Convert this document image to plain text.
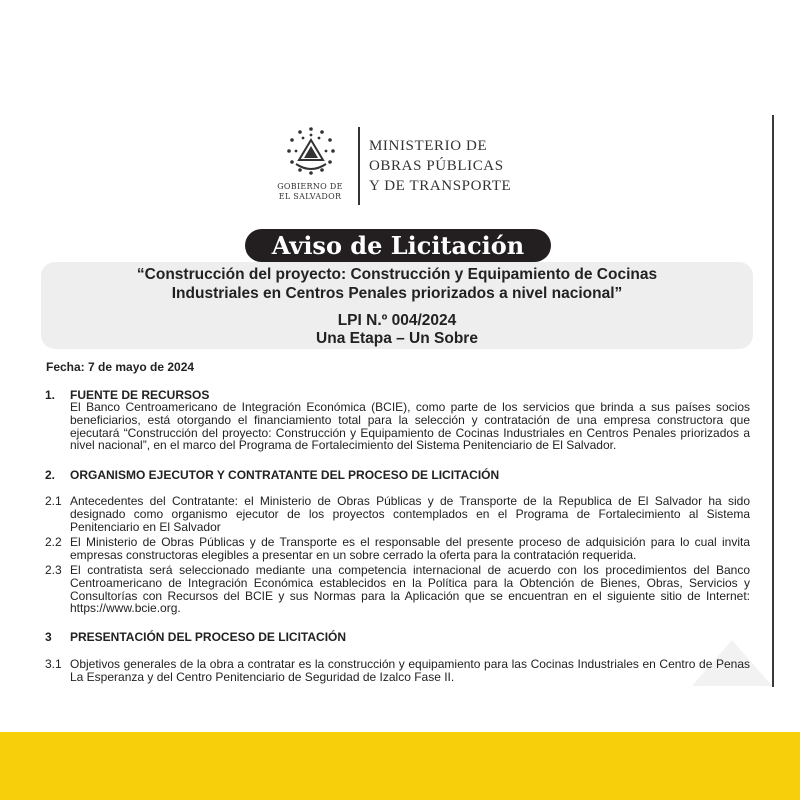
GOBIERNO DE
EL SALVADOR
MINISTERIO DE
OBRAS PÚBLICAS
Y DE TRANSPORTE
Aviso de Licitación
“Construcción del proyecto: Construcción y Equipamiento de Cocinas
Industriales en Centros Penales priorizados a nivel nacional”
LPI N.º 004/2024
Una Etapa – Un Sobre
Fecha: 7 de mayo de 2024
1. FUENTE DE RECURSOS
El Banco Centroamericano de Integración Económica (BCIE), como parte de los servicios que brinda a sus países socios beneficiarios, está otorgando el financiamiento total para la selección y contratación de una empresa constructora que ejecutará “Construcción del proyecto: Construcción y Equipamiento de Cocinas Industriales en Centros Penales priorizados a nivel nacional”, en el marco del Programa de Fortalecimiento del Sistema Penitenciario de El Salvador.
2. ORGANISMO EJECUTOR Y CONTRATANTE DEL PROCESO DE LICITACIÓN
2.1 Antecedentes del Contratante: el Ministerio de Obras Públicas y de Transporte de la Republica de El Salvador ha sido designado como organismo ejecutor de los proyectos contemplados en el Programa de Fortalecimiento al Sistema Penitenciario en El Salvador
2.2 El Ministerio de Obras Públicas y de Transporte es el responsable del presente proceso de adquisición para lo cual invita empresas constructoras elegibles a presentar en un sobre cerrado la oferta para la contratación requerida.
2.3 El contratista será seleccionado mediante una competencia internacional de acuerdo con los procedimientos del Banco Centroamericano de Integración Económica establecidos en la Política para la Obtención de Bienes, Obras, Servicios y Consultorías con Recursos del BCIE y sus Normas para la Aplicación que se encuentran en el siguiente sitio de Internet: https://www.bcie.org.
3 PRESENTACIÓN DEL PROCESO DE LICITACIÓN
3.1 Objetivos generales de la obra a contratar es la construcción y equipamiento para las Cocinas Industriales en Centro de Penas La Esperanza y del Centro Penitenciario de Seguridad de Izalco Fase II.
